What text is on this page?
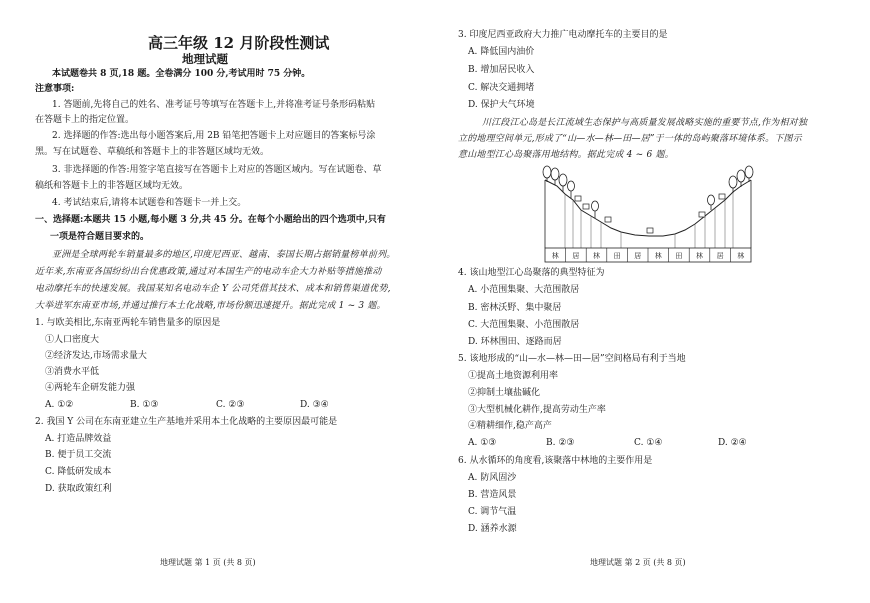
高三年级 12 月阶段性测试
地理试题
本试题卷共 8 页,18 题。全卷满分 100 分,考试用时 75 分钟。
注意事项:
1. 答题前,先将自己的姓名、准考证号等填写在答题卡上,并将准考证号条形码粘贴
在答题卡上的指定位置。
2. 选择题的作答:选出每小题答案后,用 2B 铅笔把答题卡上对应题目的答案标号涂
黑。写在试题卷、草稿纸和答题卡上的非答题区域均无效。
3. 非选择题的作答:用签字笔直接写在答题卡上对应的答题区域内。写在试题卷、草
稿纸和答题卡上的非答题区域均无效。
4. 考试结束后,请将本试题卷和答题卡一并上交。
一、选择题:本题共 15 小题,每小题 3 分,共 45 分。在每个小题给出的四个选项中,只有
一项是符合题目要求的。
亚洲是全球两轮车销量最多的地区,印度尼西亚、越南、泰国长期占据销量榜单前列。
近年来,东南亚各国纷纷出台优惠政策,通过对本国生产的电动车企大力补贴等措施推动
电动摩托车的快速发展。我国某知名电动车企 Y 公司凭借其技术、成本和销售渠道优势,
大举进军东南亚市场,并通过推行本土化战略,市场份额迅速提升。据此完成 1 ~ 3 题。
1. 与欧美相比,东南亚两轮车销售量多的原因是
①人口密度大
②经济发达,市场需求量大
③消费水平低
④两轮车企研发能力强
A. ①②	B. ①③	C. ②③	D. ③④
2. 我国 Y 公司在东南亚建立生产基地并采用本土化战略的主要原因最可能是
A. 打造品牌效益
B. 便于员工交流
C. 降低研发成本
D. 获取政策红利
地理试题 第 1 页 (共 8 页)
3. 印度尼西亚政府大力推广电动摩托车的主要目的是
A. 降低国内油价
B. 增加居民收入
C. 解决交通拥堵
D. 保护大气环境
川江段江心岛是长江流域生态保护与高质量发展战略实施的重要节点,作为相对独
立的地理空间单元,形成了“山—水—林—田—居”于一体的岛屿聚落环境体系。下图示
意山地型江心岛聚落用地结构。据此完成 4 ~ 6 题。
林 居 林 田 居 林 田 林 居 林
4. 该山地型江心岛聚落的典型特征为
A. 小范围集聚、大范围散居
B. 密林沃野、集中聚居
C. 大范围集聚、小范围散居
D. 环林围田、逐路而居
5. 该地形成的“山—水—林—田—居”空间格局有利于当地
①提高土地资源利用率
②抑制土壤盐碱化
③大型机械化耕作,提高劳动生产率
④精耕细作,稳产高产
A. ①③	B. ②③	C. ①④	D. ②④
6. 从水循环的角度看,该聚落中林地的主要作用是
A. 防风固沙
B. 营造风景
C. 调节气温
D. 涵养水源
地理试题 第 2 页 (共 8 页)
